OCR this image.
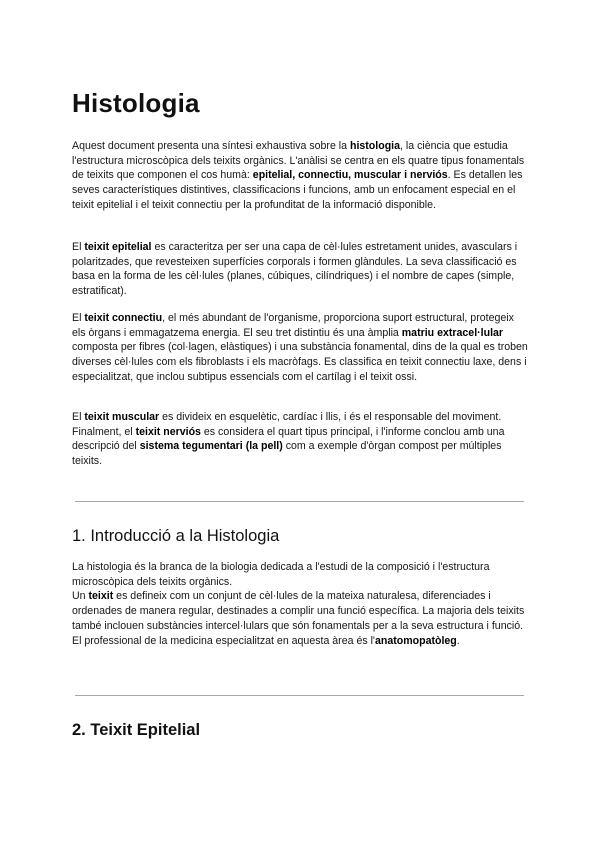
Histologia

Aquest document presenta una síntesi exhaustiva sobre la histologia, la ciència que estudia l'estructura microscòpica dels teixits orgànics. L'anàlisi se centra en els quatre tipus fonamentals de teixits que componen el cos humà: epitelial, connectiu, muscular i nerviós. Es detallen les seves característiques distintives, classificacions i funcions, amb un enfocament especial en el teixit epitelial i el teixit connectiu per la profunditat de la informació disponible.

El teixit epitelial es caracteritza per ser una capa de cèl·lules estretament unides, avasculars i polaritzades, que revesteixen superfícies corporals i formen glàndules. La seva classificació es basa en la forma de les cèl·lules (planes, cúbiques, cilíndriques) i el nombre de capes (simple, estratificat).

El teixit connectiu, el més abundant de l'organisme, proporciona suport estructural, protegeix els òrgans i emmagatzema energia. El seu tret distintiu és una àmplia matriu extracel·lular composta per fibres (col·lagen, elàstiques) i una substància fonamental, dins de la qual es troben diverses cèl·lules com els fibroblasts i els macròfags. Es classifica en teixit connectiu laxe, dens i especialitzat, que inclou subtipus essencials com el cartílag i el teixit ossi.

El teixit muscular es divideix en esquelètic, cardíac i llis, i és el responsable del moviment. Finalment, el teixit nerviós es considera el quart tipus principal, i l'informe conclou amb una descripció del sistema tegumentari (la pell) com a exemple d'òrgan compost per múltiples teixits.

1. Introducció a la Histologia

La histologia és la branca de la biologia dedicada a l'estudi de la composició i l'estructura microscòpica dels teixits orgànics.
Un teixit es defineix com un conjunt de cèl·lules de la mateixa naturalesa, diferenciades i ordenades de manera regular, destinades a complir una funció específica. La majoria dels teixits també inclouen substàncies intercel·lulars que són fonamentals per a la seva estructura i funció.
El professional de la medicina especialitzat en aquesta àrea és l'anatomopatòleg.

2. Teixit Epitelial
